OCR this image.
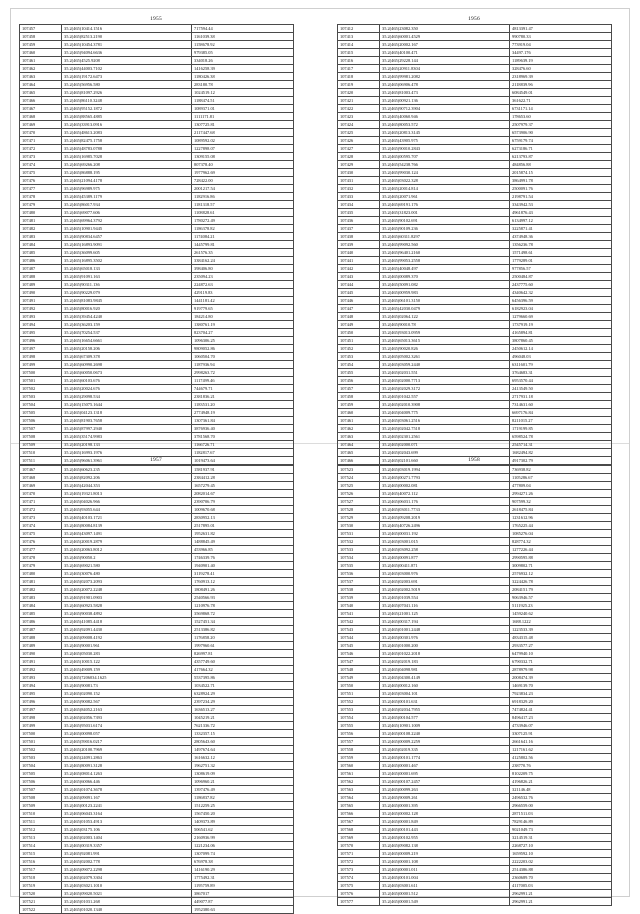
1955
107457	35.2(465)10414.1516	717594.44
107458	35.2(465)82513.2190	1161039.38
107459	35.2(465)10454.3781	1158678.92
107460	35.2(465)94094.6636	979385.05
107461	35.2(465)4525.9208	334018.26
107462	35.2(465)44003.7102	1416258.39
107463	35.2(465)19172.6473	1180426.38
107464	35.2(465)56956.580	283180.78
107465	35.2(465)81097.2926	1024519.12
107466	35.2(465)86110.3248	1188474.51
107467	35.2(465)95152.1872	1089371.01
107468	35.2(465)88565.4885	1111171.81
107469	35.2(465)33913.0916	1307725.81
107470	35.2(465)48613.2083	2117447.68
107471	35.2(465)82475.1758	1089592.02
107472	35.2(465)48783.0788	1227898.07
107473	35.2(465)16985.7028	1309155.08
107474	35.2(465)69266.208	807378.40
107475	35.2(465)86888.195	1977962.69
107476	35.2(465)21094.4178	728422.00
107477	35.2(465)96989.975	2001217.54
107478	35.2(465)45389.1179	1182916.86
107479	35.2(465)86017.934	1181318.57
107480	35.2(465)69077.606	1108828.61
107481	35.2(465)69964.3792	1780272.49
107482	35.2(465)10901.9445	1186378.82
107483	35.2(465)90834.6457	1174084.21
107484	35.2(465)16893.9091	1445799.81
107485	35.2(465)36099.605	261576.35
107486	35.2(465)16895.3502	3384162.24
107487	35.2(465)65018.133	398406.80
107488	35.2(465)91091.163	235094.23
107489	35.2(465)90311.136	224872.63
107490	35.2(465)90229.079	429119.83
107491	35.2(465)81083.9845	1441181.42
107492	35.2(465)80016.920	919779.65
107493	35.2(465)39454.4240	184214.80
107494	35.2(465)36203.159	1380761.19
107495	35.2(465)70254.537	823704.27
107496	35.2(465)16654.6661	1096306.25
107497	35.2(465)20158.206	9809052.86
107498	35.2(465)67309.378	1060504.70
107499	35.2(465)60990.2698	1187936.94
107500	35.2(465)60050.0673	2998263.72
107501	35.2(465)60103.676	1117499.46
107502	35.2(465)20024.676	744679.71
107503	35.2(465)29098.534	2381836.21
107504	35.2(465)15075.1644	1183531.20
107505	35.2(465)04123.1318	2774948.19
107506	35.2(465)81903.7658	1307361.84
107507	35.2(465)87997.2940	3876936.40
107508	35.2(465)35174.9983	3781568.70
107509	35.2(465)20198.133	1166726.71
107510	35.2(465)16993.1976	1182817.67
107511	35.2(465)96061.3961	1019473.64
1956
107412	35.2(465)23082.350	4813391.47
107413	35.2(465)60001.4529	990780.33
107414	35.2(465)20002.167	773919.04
107415	35.2(465)40100.471	34497.176
107416	35.2(465)29228.144	1189639.19
107417	35.2(465)20911.8304	328476.60
107418	35.2(465)99981.2082	2318969.39
107419	35.2(465)06906.478	2118839.96
107420	35.2(465)81003.473	6084549.01
107421	35.2(465)00921.136	361622.71
107422	35.2(465)90712.3904	6731171.14
107423	35.2(465)40060.946	178653.60
107424	35.2(465)80053.572	2507979.37
107425	35.2(465)20813.3145	6573906.90
107426	35.2(465)43905.975	6759179.74
107427	35.2(465)90010.2843	6273186.71
107428	35.2(465)00595.707	6213793.87
107429	35.2(465)54238.766	484856.88
107430	35.2(465)99030.124	2015874.15
107431	35.2(465)03022.328	3864991.78
107432	35.2(465)20014.814	2500091.76
107433	35.2(465)20071.961	2198791.54
107434	35.2(465)69191.176	3343942.53
107435	35.2(465)31823.001	4961876.43
107436	35.2(465)90102.691	6134997.12
107437	35.2(465)90109.236	3225871.41
107438	35.2(465)60311.8297	4374948.36
107439	35.2(465)99092.560	1356236.78
107440	35.2(465)96401.2160	1571498.61
107441	35.2(465)99053.2558	1779289.01
107442	35.2(465)40048.497	977856.57
107443	35.2(465)00089.370	2500484.87
107444	35.2(465)50091.082	2437775.60
107445	35.2(465)00959.983	4340642.32
107446	35.2(465)06101.3150	6456396.59
107447	35.2(465)42030.0479	6182923.04
107448	35.2(465)02064.122	1279660.69
107449	35.2(465)90010.78	1737919.19
107450	35.2(465)93013.0959	4165894.81
107451	35.2(465)65013.3615	3807860.45
107452	35.2(465)90020.826	2450612.14
107453	35.2(465)05002.3261	496048.03
107454	35.2(465)03059.2440	6311601.79
107455	35.2(465)02031.551	3764683.31
107456	35.2(465)02000.7713	6953570.44
107457	35.2(465)02029.3172	2413549.50
107458	35.2(465)01042.557	2717931.18
107459	35.2(465)02010.3908	7314631.60
107460	35.2(465)04009.775	6697176.84
107461	35.2(465)03061.2516	8211015.27
107462	35.2(465)02042.7518	1719199.85
107463	35.2(465)02301.2561	6598524.78
107464	35.2(465)02000.071	2545714.31
107465	35.2(465)02043.699	1682494.82
107466	35.2(465)02101.660	4917302.79
1957
107467	35.2(465)60623.235	1581937.91
107468	35.2(465)82092.206	2384412.28
107469	35.2(465)42044.353	1657279.45
107470	35.2(465)19321.8013	2082014.67
107471	35.2(465)04026.966	2390706.79
107472	35.2(465)93055.644	1009670.68
107473	35.2(465)40103.1721	2830952.13
107474	35.2(465)80084.8139	2517895.01
107475	35.2(465)43097.1491	1952631.82
107476	35.2(465)20019.2879	1488845.49
107477	35.2(465)20063.8012	453966.85
107478	35.2(465)90050.2	1746339.76
107479	35.2(465)69021.580	1940901.40
107480	35.2(465)30076.480	3119278.41
107481	35.2(465)02073.2093	1760913.12
107482	35.2(465)20072.2248	1808491.26
107483	35.2(465)91901.0903	2540566.93
107484	35.2(465)60923.5828	1210976.78
107485	35.2(465)90038.4892	3569868.72
107486	35.2(465)41085.4418	1527451.34
107487	35.2(465)92091.4430	2513386.82
107488	35.2(465)09008.4192	1176858.20
107489	35.2(465)90001.961	1997960.61
107490	35.2(465)05030.283	826997.81
107491	35.2(465)10015.122	4357749.60
107492	35.2(465)49009.159	417664.32
107493	35.2(465)7206034.1625	5537395.86
107494	35.2(465)90081.73	1034522.71
107495	35.2(465)02090.152	6328924.29
107496	35.2(465)90082.567	2397234.29
107497	35.2(465)84052.2163	1636513.27
107498	35.2(465)02056.7393	1045219.21
107499	35.2(465)95031.6174	7621336.72
107500	35.2(465)00098.057	1332357.15
107501	35.2(465)59016.0217	2805643.60
107502	35.2(465)20100.7969	1497674.64
107503	35.2(465)24091.2863	1616632.12
107504	35.2(465)80091.3128	1962751.32
107505	35.2(465)08014.1263	1308619.09
107506	35.2(465)60066.446	1096960.21
107507	35.2(465)01074.3678	1397476.49
107508	35.2(465)09091.167	1186837.82
107509	35.2(465)00123.2241	1512259.25
107510	35.2(465)06043.3164	1567450.20
107511	35.2(465)01053.4913	1409373.89
107512	35.2(465)03175.106	506541.62
107513	35.2(465)02003.1404	2160936.99
107514	35.2(465)00319.3357	1221234.06
107515	35.2(465)92081.991	1307099.74
107516	35.2(465)02002.778	676978.38
107517	35.2(465)09072.2298	1416190.29
107518	35.2(465)02079.3304	1775492.31
107519	35.2(465)03021.1010	1195759.89
107520	35.2(465)09020.5021	3867017
107521	35.2(465)01031.268	449077.87
107522	35.2(465)01020.1340	1952380.63
1958
107523	35.2(465)03019.1994	736938.82
107524	35.2(465)00271.7793	1105286.67
107525	35.2(465)00002.081	477809.04
107526	35.2(465)40072.112	2994271.26
107527	35.2(465)06031.176	907599.32
107528	35.2(465)03011.7733	2618475.84
107529	35.2(465)09208.2019	1231612.96
107530	35.2(465)40726.2496	1765225.44
107531	35.2(465)00031.192	1085276.04
107532	35.2(465)03001.015	828774.32
107533	35.2(465)03092.258	1277226.44
107534	35.2(465)00091.877	2990595.88
107535	35.2(465)00411.871	3009802.71
107536	35.2(465)03000.976	2576932.12
107537	35.2(465)02003.691	3224426.78
107538	35.2(465)02002.5019	2084151.79
107539	35.2(465)01039.554	9063946.57
107540	35.2(465)07041.116	5111925.23
107541	35.2(465)21001.125	1459240.62
107542	35.2(465)00317.194	1688.1222
107543	35.2(465)01001.2448	1223533.39
107544	35.2(465)00301.976	4834315.48
107545	35.2(465)01000.200	2933577.27
107546	35.2(465)01022.2018	6479940.10
107547	35.2(465)02019.183	6790332.71
107548	35.2(465)04098.981	2878979.98
107549	35.2(465)04300.4149	2008474.39
107550	35.2(465)00012.160	1469139.70
107551	35.2(465)03004.101	7923834.23
107552	35.2(465)00101.631	6918329.20
107553	35.2(465)02034.7955	7474824.41
107554	35.2(465)00104.577	8496417.23
107555	35.2(465)10901.1009	4733946.07
107556	35.2(465)00108.2240	3307125.91
107557	35.2(465)00009.2259	2661641.16
107558	35.2(465)02019.335	1217161.62
107559	35.2(465)00101.1774	4125802.56
107560	35.2(465)00001.467	238770.76
107561	35.2(465)00001.695	8102209.75
107562	35.2(465)00107.2457	4196826.21
107563	35.2(465)00099.263	321146.48
107564	35.2(465)90009.261	2496532.76
107565	35.2(465)00001.395	2966559.00
107566	35.2(465)00002.128	2871511.03
107567	35.2(465)00001.849	7829146.89
107568	35.2(465)00101.443	9021049.73
107569	35.2(465)00102.955	3214519.31
107570	35.2(465)09082.138	2268727.10
107571	35.2(465)00009.219	1659592.10
107572	35.2(465)00001.108	2222203.02
107573	35.2(465)00001.011	2514386.88
107574	35.2(465)00101.004	2360689.70
107575	35.2(465)03001.611	4117005.03
107576	35.2(465)00001.512	2962991.21
107577	35.2(465)00001.549	2962991.21
